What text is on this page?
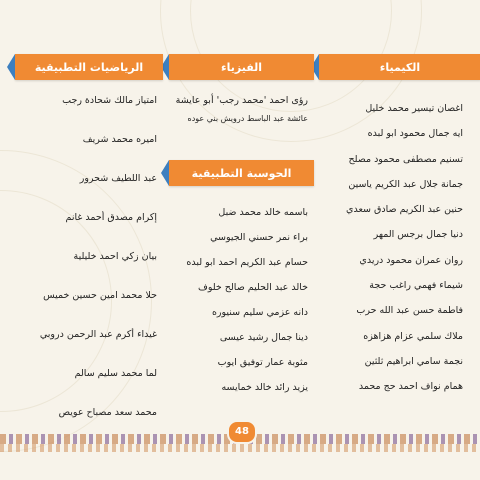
الكيمياء
اغصان تيسير محمد خليل
ايه جمال محمود ابو لبده
تسنيم مصطفى محمود مصلح
جمانة جلال عبد الكريم ياسين
حنين عبد الكريم صادق سعدي
دنيا جمال برجس المهر
روان عمران محمود دريدي
شيماء فهمي راغب حجة
فاطمة حسن عبد الله حرب
ملاك سلمي عزام هزاهزه
نجمة سامي ابراهيم ثلثين
همام نواف احمد حج محمد
الفيزياء
رؤى احمد 'محمد رجب' أبو عايشة
عائشة عبد الباسط درويش بني عوده
الحوسبة التطبيقية
باسمه خالد محمد ضبل
براء نمر حسني الجيوسي
حسام عبد الكريم احمد ابو لبده
خالد عبد الحليم صالح خلوف
دانه عزمي سليم سنيوره
دينا جمال رشيد عيسى
مثوبة عمار توفيق ايوب
يزيد رائد خالد خمايسه
الرياضيات التطبيقية
امتياز مالك شحادة رجب
اميره محمد شريف
عبد اللطيف شحرور
إكرام مصدق أحمد غانم
بيان زكي احمد خليلية
حلا محمد امين حسين خميس
غيداء أكرم عبد الرحمن دروبي
لما محمد سليم سالم
محمد سعد مصباح عويص
48
